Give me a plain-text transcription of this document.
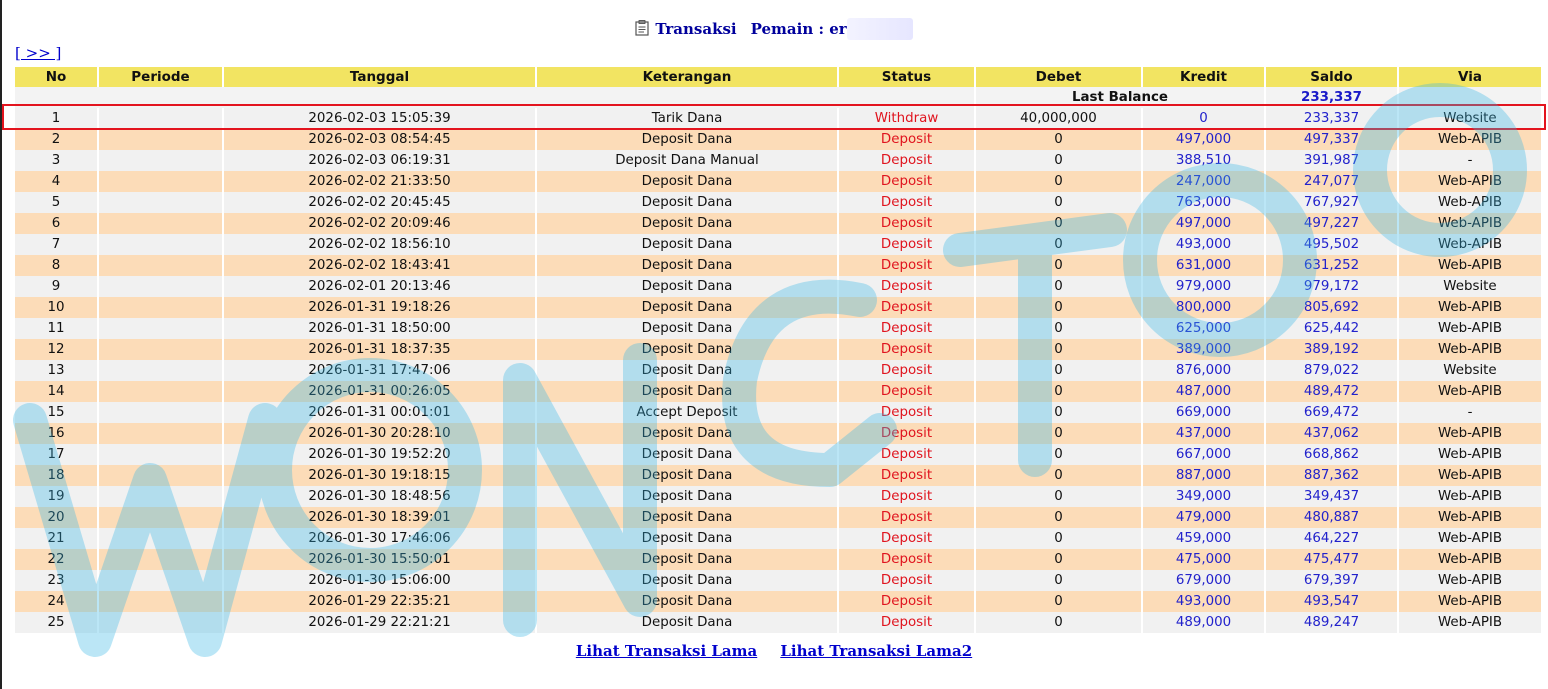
Transaksi Pemain : er
[ >> ]
No	Periode	Tanggal	Keterangan	Status	Debet	Kredit	Saldo	Via
					Last Balance		233,337	
1		2026-02-03 15:05:39	Tarik Dana	Withdraw	40,000,000	0	233,337	Website
2		2026-02-03 08:54:45	Deposit Dana	Deposit	0	497,000	497,337	Web-APIB
3		2026-02-03 06:19:31	Deposit Dana Manual	Deposit	0	388,510	391,987	-
4		2026-02-02 21:33:50	Deposit Dana	Deposit	0	247,000	247,077	Web-APIB
5		2026-02-02 20:45:45	Deposit Dana	Deposit	0	763,000	767,927	Web-APIB
6		2026-02-02 20:09:46	Deposit Dana	Deposit	0	497,000	497,227	Web-APIB
7		2026-02-02 18:56:10	Deposit Dana	Deposit	0	493,000	495,502	Web-APIB
8		2026-02-02 18:43:41	Deposit Dana	Deposit	0	631,000	631,252	Web-APIB
9		2026-02-01 20:13:46	Deposit Dana	Deposit	0	979,000	979,172	Website
10		2026-01-31 19:18:26	Deposit Dana	Deposit	0	800,000	805,692	Web-APIB
11		2026-01-31 18:50:00	Deposit Dana	Deposit	0	625,000	625,442	Web-APIB
12		2026-01-31 18:37:35	Deposit Dana	Deposit	0	389,000	389,192	Web-APIB
13		2026-01-31 17:47:06	Deposit Dana	Deposit	0	876,000	879,022	Website
14		2026-01-31 00:26:05	Deposit Dana	Deposit	0	487,000	489,472	Web-APIB
15		2026-01-31 00:01:01	Accept Deposit	Deposit	0	669,000	669,472	-
16		2026-01-30 20:28:10	Deposit Dana	Deposit	0	437,000	437,062	Web-APIB
17		2026-01-30 19:52:20	Deposit Dana	Deposit	0	667,000	668,862	Web-APIB
18		2026-01-30 19:18:15	Deposit Dana	Deposit	0	887,000	887,362	Web-APIB
19		2026-01-30 18:48:56	Deposit Dana	Deposit	0	349,000	349,437	Web-APIB
20		2026-01-30 18:39:01	Deposit Dana	Deposit	0	479,000	480,887	Web-APIB
21		2026-01-30 17:46:06	Deposit Dana	Deposit	0	459,000	464,227	Web-APIB
22		2026-01-30 15:50:01	Deposit Dana	Deposit	0	475,000	475,477	Web-APIB
23		2026-01-30 15:06:00	Deposit Dana	Deposit	0	679,000	679,397	Web-APIB
24		2026-01-29 22:35:21	Deposit Dana	Deposit	0	493,000	493,547	Web-APIB
25		2026-01-29 22:21:21	Deposit Dana	Deposit	0	489,000	489,247	Web-APIB
Lihat Transaksi Lama Lihat Transaksi Lama2
